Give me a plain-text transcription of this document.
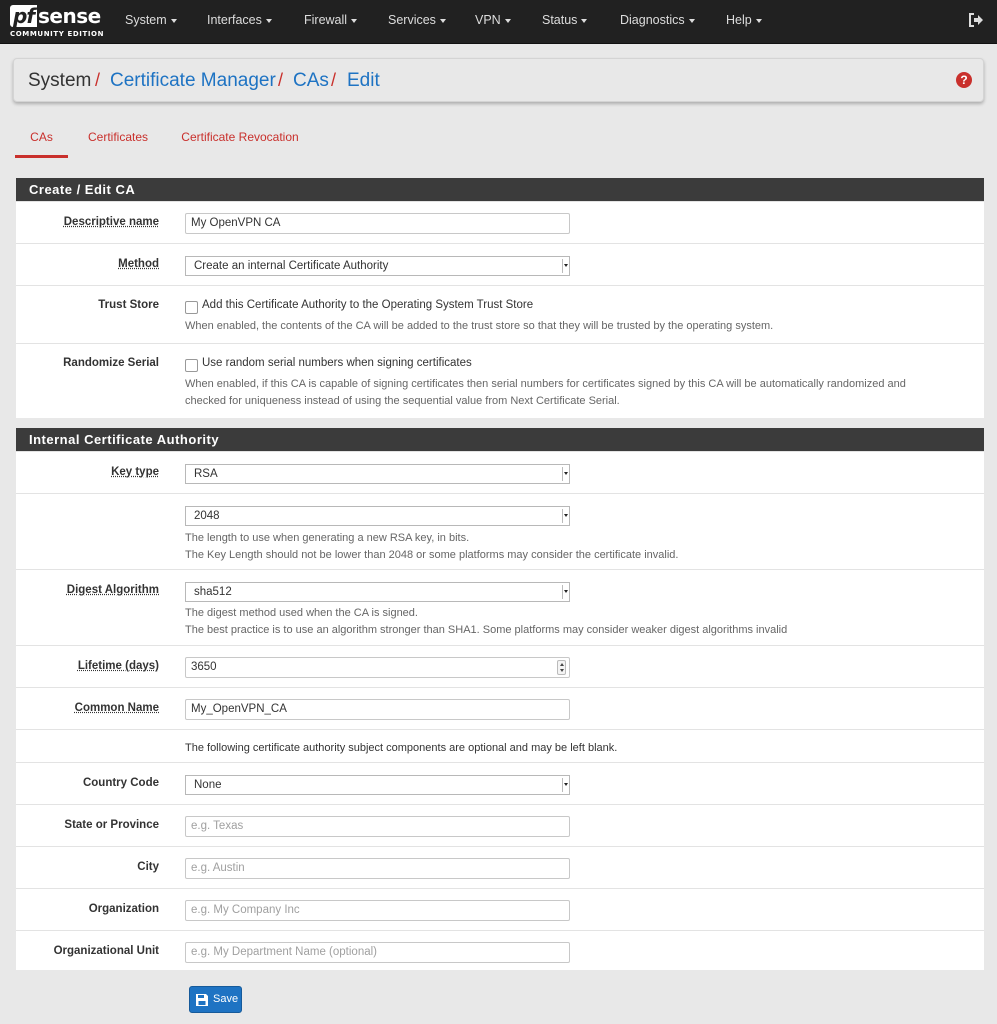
pf sense
COMMUNITY EDITION
System	Interfaces	Firewall	Services	VPN	Status	Diagnostics	Help
System / Certificate Manager / CAs / Edit	?
CAs	Certificates	Certificate Revocation
Create / Edit CA
Descriptive name	My OpenVPN CA
Method	Create an internal Certificate Authority
Trust Store	Add this Certificate Authority to the Operating System Trust Store
When enabled, the contents of the CA will be added to the trust store so that they will be trusted by the operating system.
Randomize Serial	Use random serial numbers when signing certificates
When enabled, if this CA is capable of signing certificates then serial numbers for certificates signed by this CA will be automatically randomized and
checked for uniqueness instead of using the sequential value from Next Certificate Serial.
Internal Certificate Authority
Key type	RSA
2048
The length to use when generating a new RSA key, in bits.
The Key Length should not be lower than 2048 or some platforms may consider the certificate invalid.
Digest Algorithm	sha512
The digest method used when the CA is signed.
The best practice is to use an algorithm stronger than SHA1. Some platforms may consider weaker digest algorithms invalid
Lifetime (days)	3650
Common Name	My_OpenVPN_CA
The following certificate authority subject components are optional and may be left blank.
Country Code	None
State or Province	e.g. Texas
City	e.g. Austin
Organization	e.g. My Company Inc
Organizational Unit	e.g. My Department Name (optional)
Save
